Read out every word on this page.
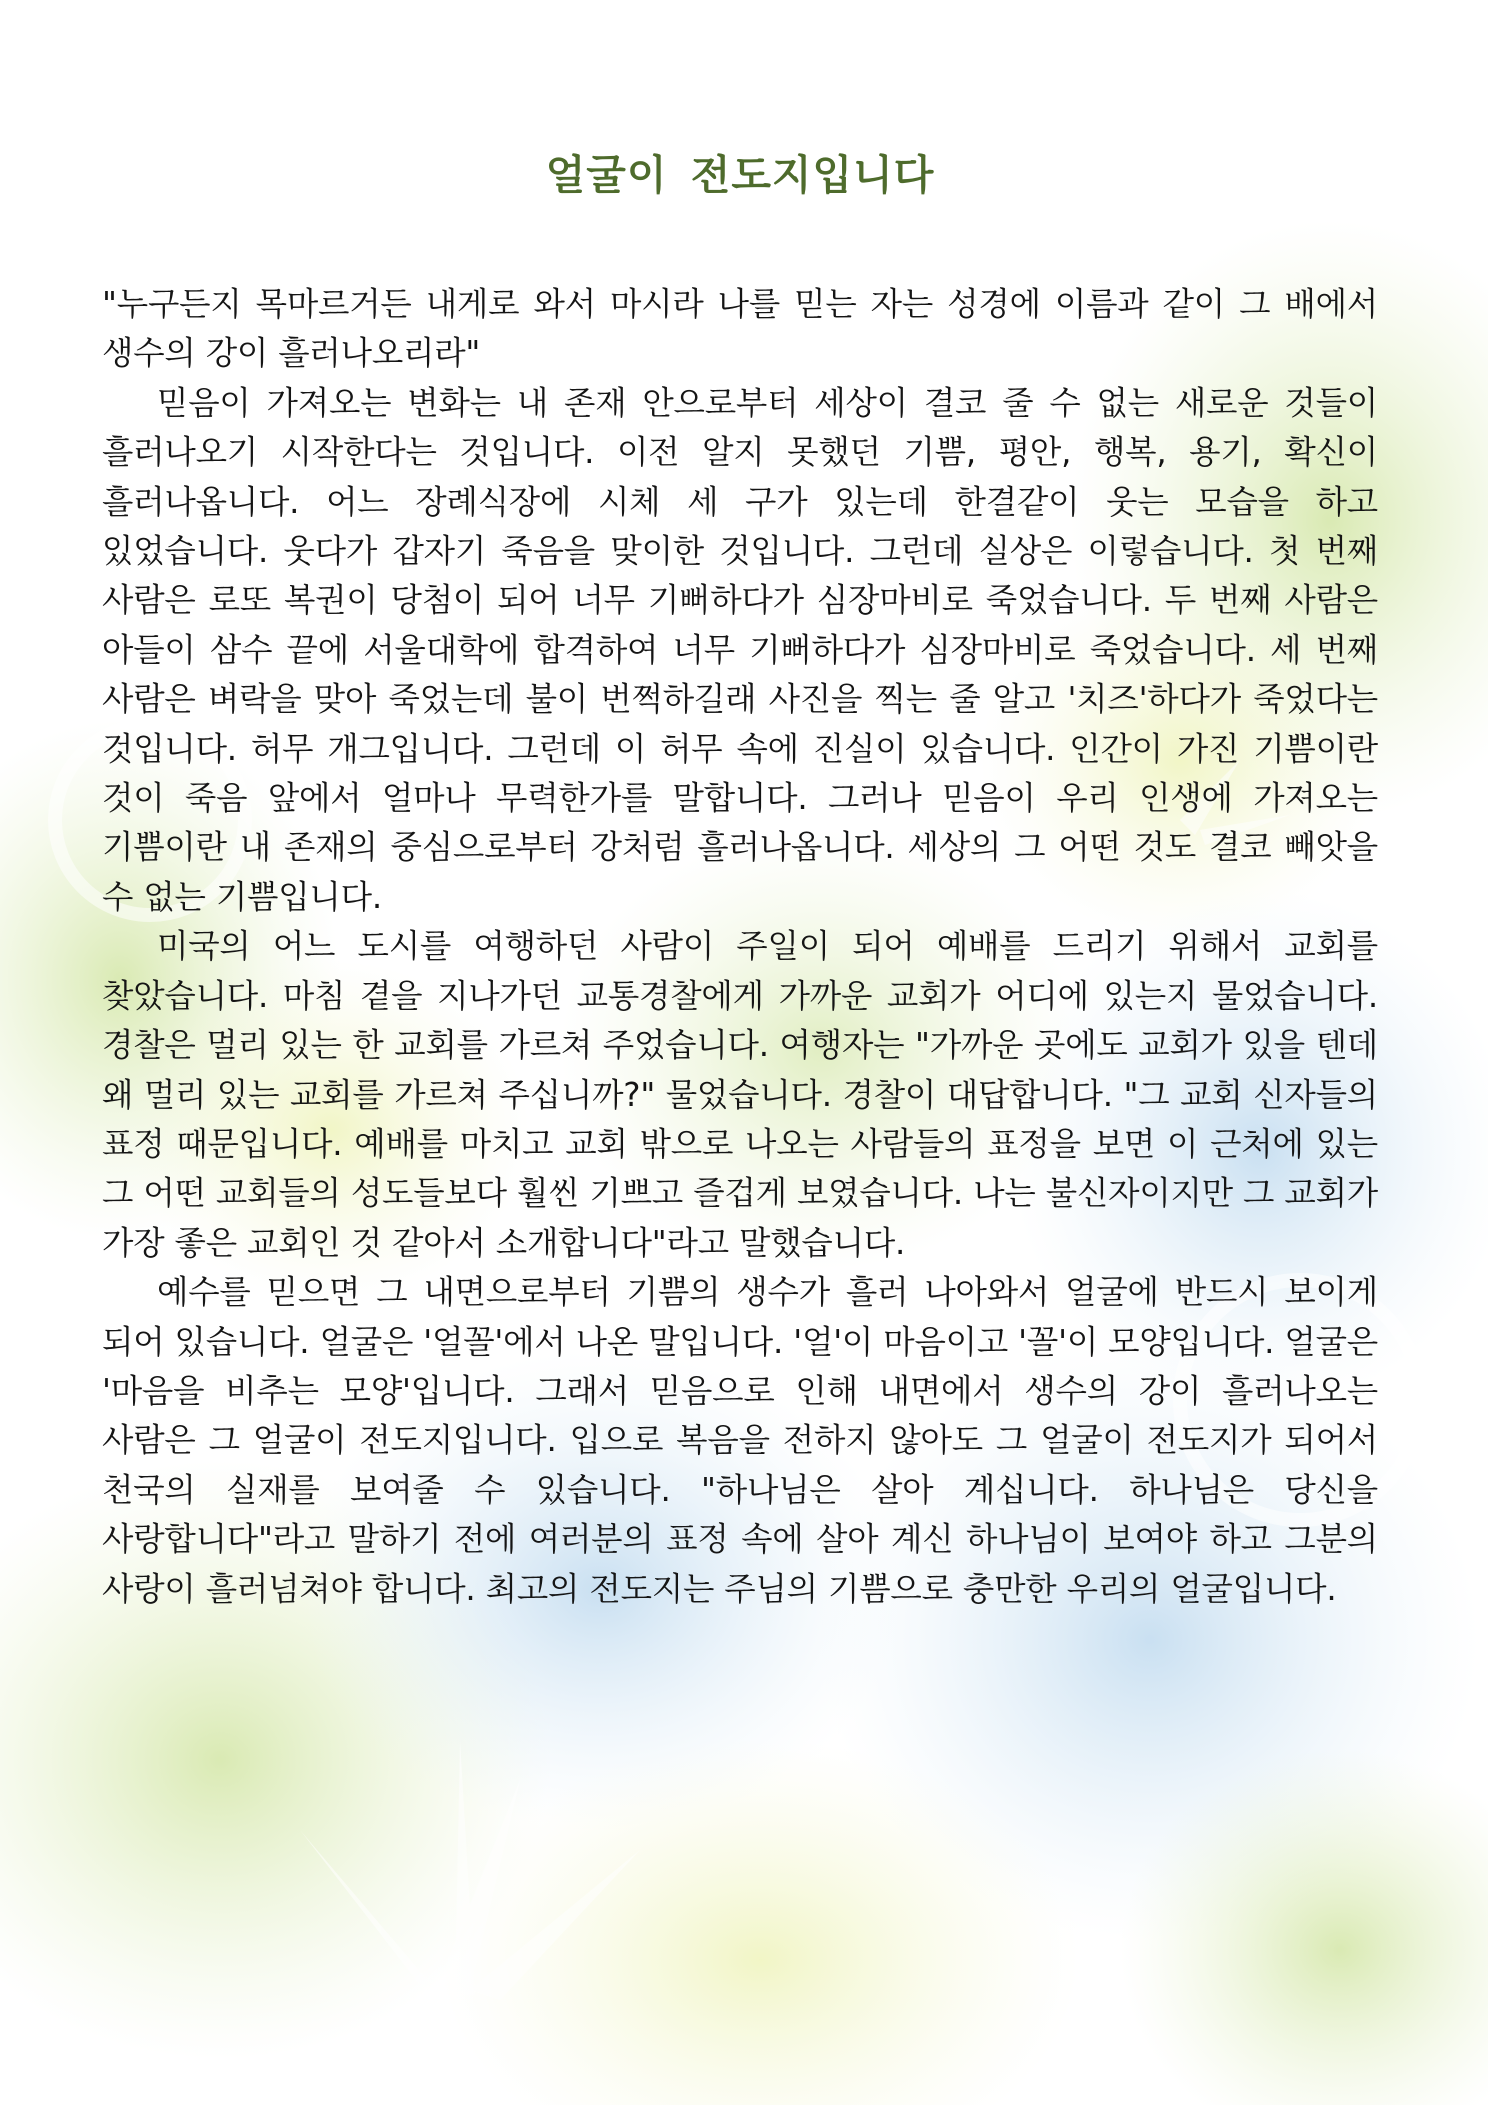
얼굴이 전도지입니다

"누구든지 목마르거든 내게로 와서 마시라 나를 믿는 자는 성경에 이름과 같이 그 배에서 생수의 강이 흘러나오리라"

믿음이 가져오는 변화는 내 존재 안으로부터 세상이 결코 줄 수 없는 새로운 것들이 흘러나오기 시작한다는 것입니다. 이전 알지 못했던 기쁨, 평안, 행복, 용기, 확신이 흘러나옵니다. 어느 장례식장에 시체 세 구가 있는데 한결같이 웃는 모습을 하고 있었습니다. 웃다가 갑자기 죽음을 맞이한 것입니다. 그런데 실상은 이렇습니다. 첫 번째 사람은 로또 복권이 당첨이 되어 너무 기뻐하다가 심장마비로 죽었습니다. 두 번째 사람은 아들이 삼수 끝에 서울대학에 합격하여 너무 기뻐하다가 심장마비로 죽었습니다. 세 번째 사람은 벼락을 맞아 죽었는데 불이 번쩍하길래 사진을 찍는 줄 알고 '치즈'하다가 죽었다는 것입니다. 허무 개그입니다. 그런데 이 허무 속에 진실이 있습니다. 인간이 가진 기쁨이란 것이 죽음 앞에서 얼마나 무력한가를 말합니다. 그러나 믿음이 우리 인생에 가져오는 기쁨이란 내 존재의 중심으로부터 강처럼 흘러나옵니다. 세상의 그 어떤 것도 결코 빼앗을 수 없는 기쁨입니다.

미국의 어느 도시를 여행하던 사람이 주일이 되어 예배를 드리기 위해서 교회를 찾았습니다. 마침 곁을 지나가던 교통경찰에게 가까운 교회가 어디에 있는지 물었습니다. 경찰은 멀리 있는 한 교회를 가르쳐 주었습니다. 여행자는 "가까운 곳에도 교회가 있을 텐데 왜 멀리 있는 교회를 가르쳐 주십니까?" 물었습니다. 경찰이 대답합니다. "그 교회 신자들의 표정 때문입니다. 예배를 마치고 교회 밖으로 나오는 사람들의 표정을 보면 이 근처에 있는 그 어떤 교회들의 성도들보다 훨씬 기쁘고 즐겁게 보였습니다. 나는 불신자이지만 그 교회가 가장 좋은 교회인 것 같아서 소개합니다"라고 말했습니다.

예수를 믿으면 그 내면으로부터 기쁨의 생수가 흘러 나아와서 얼굴에 반드시 보이게 되어 있습니다. 얼굴은 '얼꼴'에서 나온 말입니다. '얼'이 마음이고 '꼴'이 모양입니다. 얼굴은 '마음을 비추는 모양'입니다. 그래서 믿음으로 인해 내면에서 생수의 강이 흘러나오는 사람은 그 얼굴이 전도지입니다. 입으로 복음을 전하지 않아도 그 얼굴이 전도지가 되어서 천국의 실재를 보여줄 수 있습니다. "하나님은 살아 계십니다. 하나님은 당신을 사랑합니다"라고 말하기 전에 여러분의 표정 속에 살아 계신 하나님이 보여야 하고 그분의 사랑이 흘러넘쳐야 합니다. 최고의 전도지는 주님의 기쁨으로 충만한 우리의 얼굴입니다.
